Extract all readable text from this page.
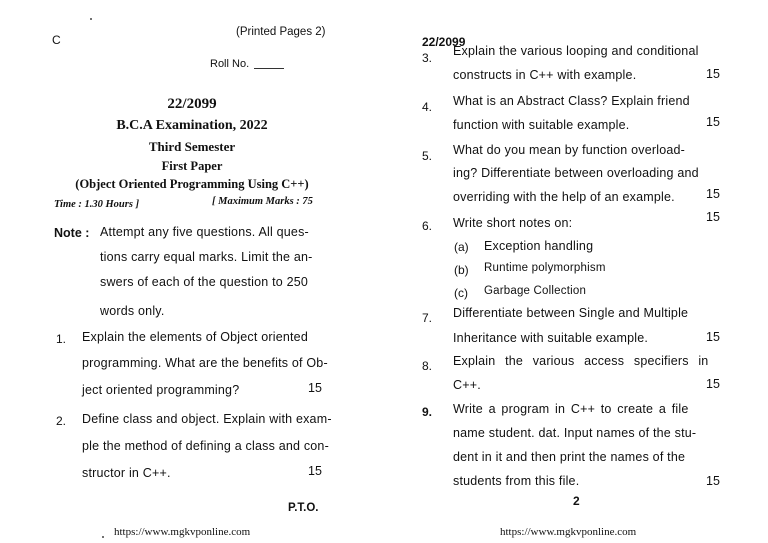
C
(Printed Pages 2)
Roll No.
22/2099
B.C.A Examination, 2022
Third Semester
First Paper
(Object Oriented Programming Using C++)
Time : 1.30 Hours ]	[ Maximum Marks : 75
Note : Attempt any five questions. All ques-
tions carry equal marks. Limit the an-
swers of each of the question to 250
words only.
1. Explain the elements of Object oriented
programming. What are the benefits of Ob-
ject oriented programming?	15
2. Define class and object. Explain with exam-
ple the method of defining a class and con-
structor in C++.	15
P.T.O.
https://www.mgkvponline.com
22/2099
3. Explain the various looping and conditional
constructs in C++ with example.	15
4. What is an Abstract Class? Explain friend
function with suitable example.	15
5. What do you mean by function overload-
ing? Differentiate between overloading and
overriding with the help of an example. 15
6. Write short notes on:	15
(a) Exception handling
(b) Runtime polymorphism
(c) Garbage Collection
7. Differentiate between Single and Multiple
Inheritance with suitable example.	15
8. Explain the various access specifiers in
C++.	15
9. Write a program in C++ to create a file
name student. dat. Input names of the stu-
dent in it and then print the names of the
students from this file.	15
2
https://www.mgkvponline.com
